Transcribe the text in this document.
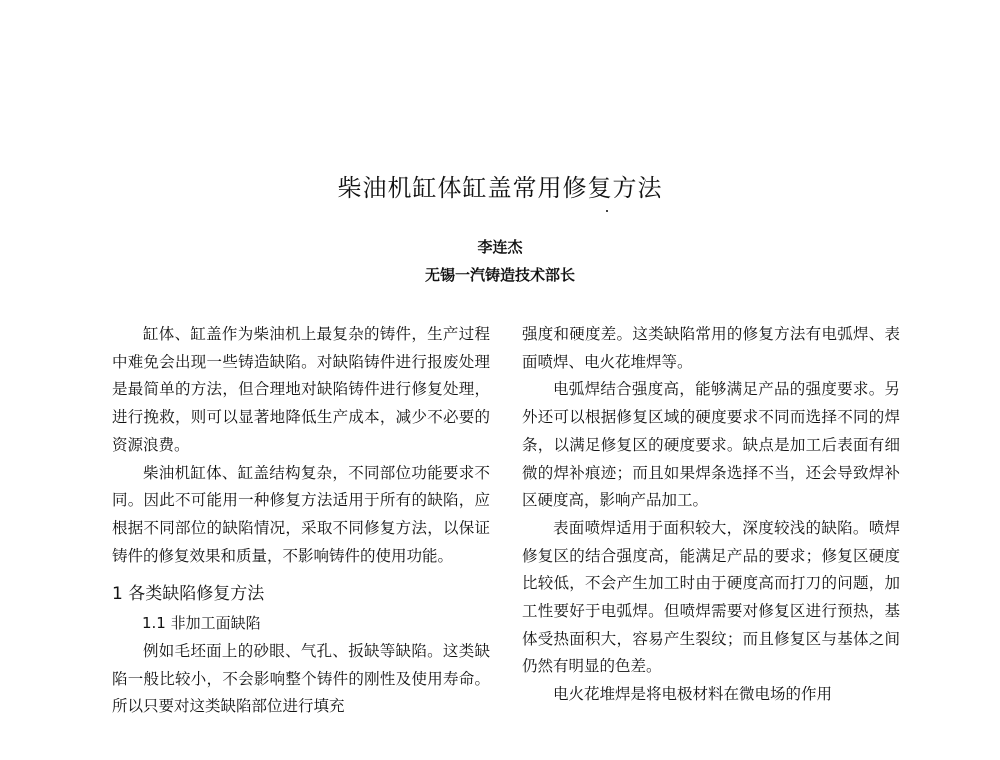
柴油机缸体缸盖常用修复方法
李连杰
无锡一汽铸造技术部长

缸体、缸盖作为柴油机上最复杂的铸件，生产过程中难免会出现一些铸造缺陷。对缺陷铸件进行报废处理是最简单的方法，但合理地对缺陷铸件进行修复处理，进行挽救，则可以显著地降低生产成本，减少不必要的资源浪费。

柴油机缸体、缸盖结构复杂，不同部位功能要求不同。因此不可能用一种修复方法适用于所有的缺陷，应根据不同部位的缺陷情况，采取不同修复方法，以保证铸件的修复效果和质量，不影响铸件的使用功能。

1 各类缺陷修复方法
1.1 非加工面缺陷

例如毛坯面上的砂眼、气孔、扳缺等缺陷。这类缺陷一般比较小，不会影响整个铸件的刚性及使用寿命。所以只要对这类缺陷部位进行填充

强度和硬度差。这类缺陷常用的修复方法有电弧焊、表面喷焊、电火花堆焊等。

电弧焊结合强度高，能够满足产品的强度要求。另外还可以根据修复区域的硬度要求不同而选择不同的焊条，以满足修复区的硬度要求。缺点是加工后表面有细微的焊补痕迹；而且如果焊条选择不当，还会导致焊补区硬度高，影响产品加工。

表面喷焊适用于面积较大，深度较浅的缺陷。喷焊修复区的结合强度高，能满足产品的要求；修复区硬度比较低，不会产生加工时由于硬度高而打刀的问题，加工性要好于电弧焊。但喷焊需要对修复区进行预热，基体受热面积大，容易产生裂纹；而且修复区与基体之间仍然有明显的色差。

电火花堆焊是将电极材料在微电场的作用
